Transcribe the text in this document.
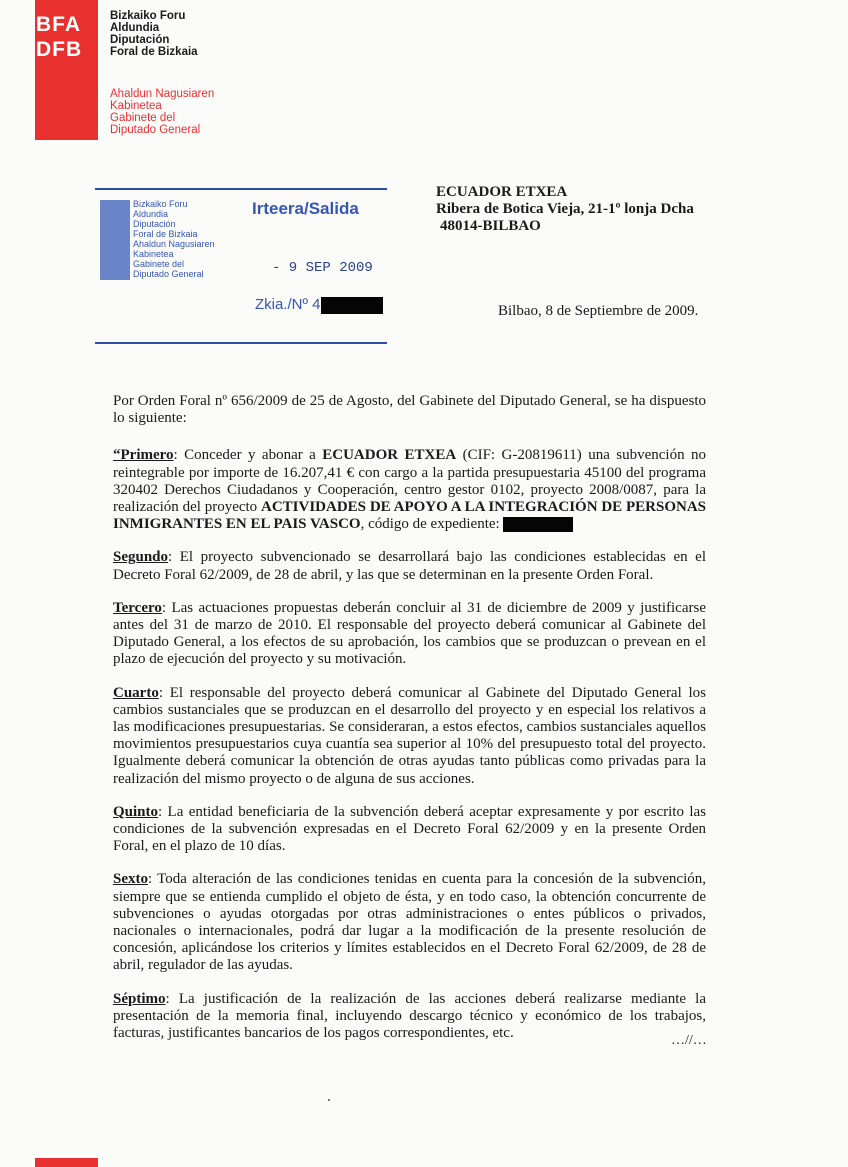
BFA
DFB
Bizkaiko Foru
Aldundia
Diputación
Foral de Bizkaia
Ahaldun Nagusiaren
Kabinetea
Gabinete del
Diputado General
Bizkaiko Foru
Aldundia
Diputación
Foral de Bizkaia
Ahaldun Nagusiaren
Kabinetea
Gabinete del
Diputado General
Irteera/Salida
- 9 SEP 2009
Zkia./Nº 4
ECUADOR ETXEA
Ribera de Botica Vieja, 21-1º lonja Dcha
48014-BILBAO
Bilbao, 8 de Septiembre de 2009.

Por Orden Foral nº 656/2009 de 25 de Agosto, del Gabinete del Diputado General, se ha dispuesto lo siguiente:

“Primero: Conceder y abonar a ECUADOR ETXEA (CIF: G-20819611) una subvención no reintegrable por importe de 16.207,41 € con cargo a la partida presupuestaria 45100 del programa 320402 Derechos Ciudadanos y Cooperación, centro gestor 0102, proyecto 2008/0087, para la realización del proyecto ACTIVIDADES DE APOYO A LA INTEGRACIÓN DE PERSONAS INMIGRANTES EN EL PAIS VASCO, código de expediente:

Segundo: El proyecto subvencionado se desarrollará bajo las condiciones establecidas en el Decreto Foral 62/2009, de 28 de abril, y las que se determinan en la presente Orden Foral.

Tercero: Las actuaciones propuestas deberán concluir al 31 de diciembre de 2009 y justificarse antes del 31 de marzo de 2010. El responsable del proyecto deberá comunicar al Gabinete del Diputado General, a los efectos de su aprobación, los cambios que se produzcan o prevean en el plazo de ejecución del proyecto y su motivación.

Cuarto: El responsable del proyecto deberá comunicar al Gabinete del Diputado General los cambios sustanciales que se produzcan en el desarrollo del proyecto y en especial los relativos a las modificaciones presupuestarias. Se consideraran, a estos efectos, cambios sustanciales aquellos movimientos presupuestarios cuya cuantía sea superior al 10% del presupuesto total del proyecto. Igualmente deberá comunicar la obtención de otras ayudas tanto públicas como privadas para la realización del mismo proyecto o de alguna de sus acciones.

Quinto: La entidad beneficiaria de la subvención deberá aceptar expresamente y por escrito las condiciones de la subvención expresadas en el Decreto Foral 62/2009 y en la presente Orden Foral, en el plazo de 10 días.

Sexto: Toda alteración de las condiciones tenidas en cuenta para la concesión de la subvención, siempre que se entienda cumplido el objeto de ésta, y en todo caso, la obtención concurrente de subvenciones o ayudas otorgadas por otras administraciones o entes públicos o privados, nacionales o internacionales, podrá dar lugar a la modificación de la presente resolución de concesión, aplicándose los criterios y límites establecidos en el Decreto Foral 62/2009, de 28 de abril, regulador de las ayudas.

Séptimo: La justificación de la realización de las acciones deberá realizarse mediante la presentación de la memoria final, incluyendo descargo técnico y económico de los trabajos, facturas, justificantes bancarios de los pagos correspondientes, etc.	…//…
